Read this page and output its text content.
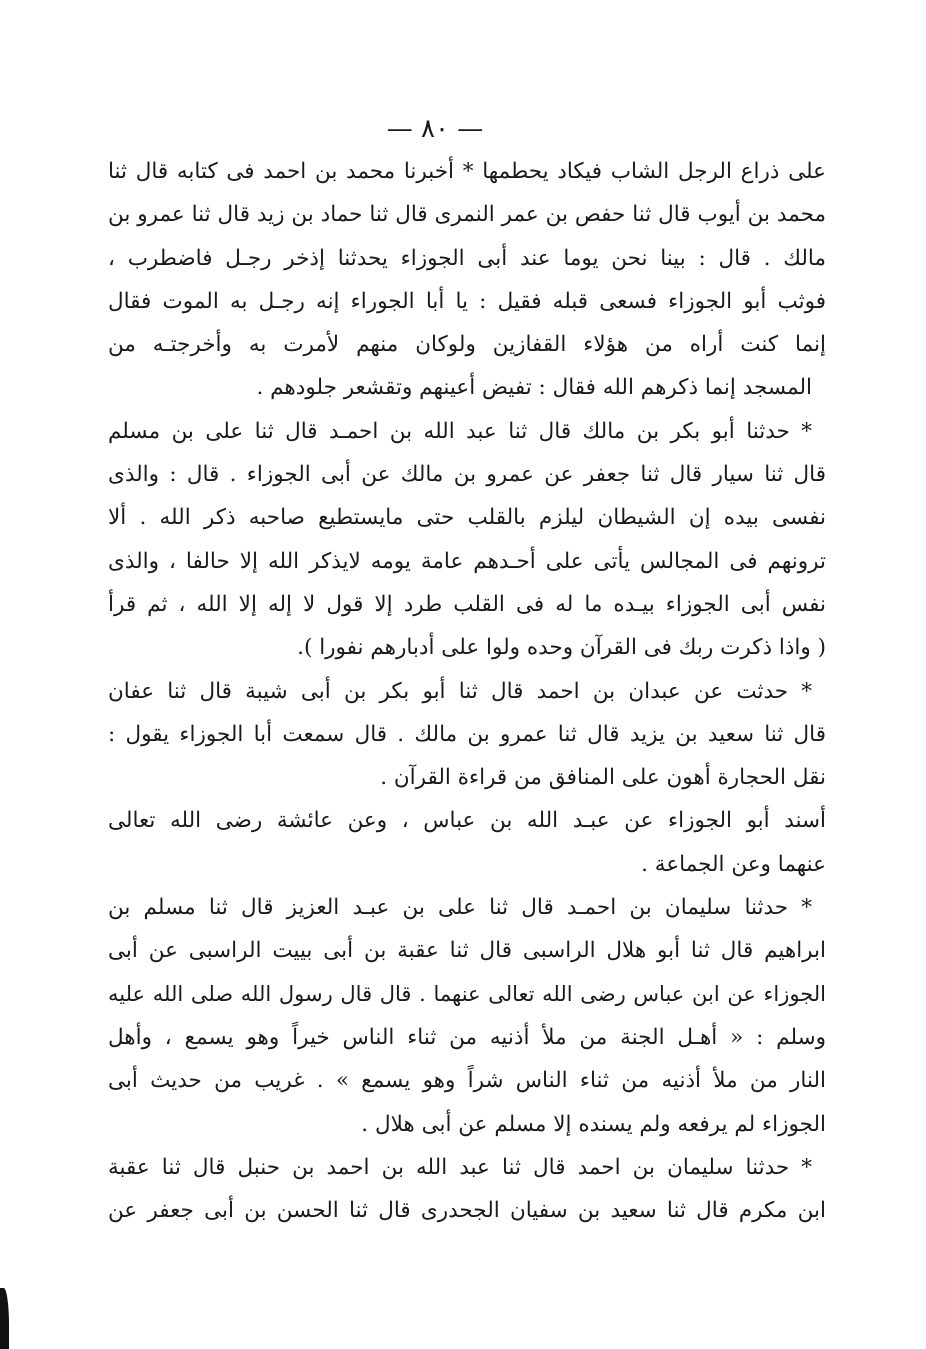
— ٨٠ —
على ذراع الرجل الشاب فيكاد يحطمها * أخبرنا محمد بن احمد فى كتابه قال ثنا
محمد بن أيوب قال ثنا حفص بن عمر النمرى قال ثنا حماد بن زيد قال ثنا عمرو بن
مالك . قال : بينا نحن يوما عند أبى الجوزاء يحدثنا إذخر رجـل فاضطرب ،
فوثب أبو الجوزاء فسعى قبله فقيل : يا أبا الجوراء إنه رجـل به الموت فقال
إنما كنت أراه من هؤلاء القفازين ولوكان منهم لأمرت به وأخرجتـه من
المسجد إنما ذكرهم الله فقال : تفيض أعينهم وتقشعر جلودهم .
* حدثنا أبو بكر بن مالك قال ثنا عبد الله بن احمـد قال ثنا على بن مسلم
قال ثنا سيار قال ثنا جعفر عن عمرو بن مالك عن أبى الجوزاء . قال : والذى
نفسى بيده إن الشيطان ليلزم بالقلب حتى مايستطيع صاحبه ذكر الله . ألا
ترونهم فى المجالس يأتى على أحـدهم عامة يومه لايذكر الله إلا حالفا ، والذى
نفس أبى الجوزاء بيـده ما له فى القلب طرد إلا قول لا إله إلا الله ، ثم قرأ
( واذا ذكرت ربك فى القرآن وحده ولوا على أدبارهم نفورا ).
* حدثت عن عبدان بن احمد قال ثنا أبو بكر بن أبى شيبة قال ثنا عفان
قال ثنا سعيد بن يزيد قال ثنا عمرو بن مالك . قال سمعت أبا الجوزاء يقول :
نقل الحجارة أهون على المنافق من قراءة القرآن .
أسند أبو الجوزاء عن عبـد الله بن عباس ، وعن عائشة رضى الله تعالى
عنهما وعن الجماعة .
* حدثنا سليمان بن احمـد قال ثنا على بن عبـد العزيز قال ثنا مسلم بن
ابراهيم قال ثنا أبو هلال الراسبى قال ثنا عقبة بن أبى بييت الراسبى عن أبى
الجوزاء عن ابن عباس رضى الله تعالى عنهما . قال قال رسول الله صلى الله عليه
وسلم : « أهـل الجنة من ملأ أذنيه من ثناء الناس خيراً وهو يسمع ، وأهل
النار من ملأ أذنيه من ثناء الناس شراً وهو يسمع » . غريب من حديث أبى
الجوزاء لم يرفعه ولم يسنده إلا مسلم عن أبى هلال .
* حدثنا سليمان بن احمد قال ثنا عبد الله بن احمد بن حنبل قال ثنا عقبة
ابن مكرم قال ثنا سعيد بن سفيان الجحدرى قال ثنا الحسن بن أبى جعفر عن
